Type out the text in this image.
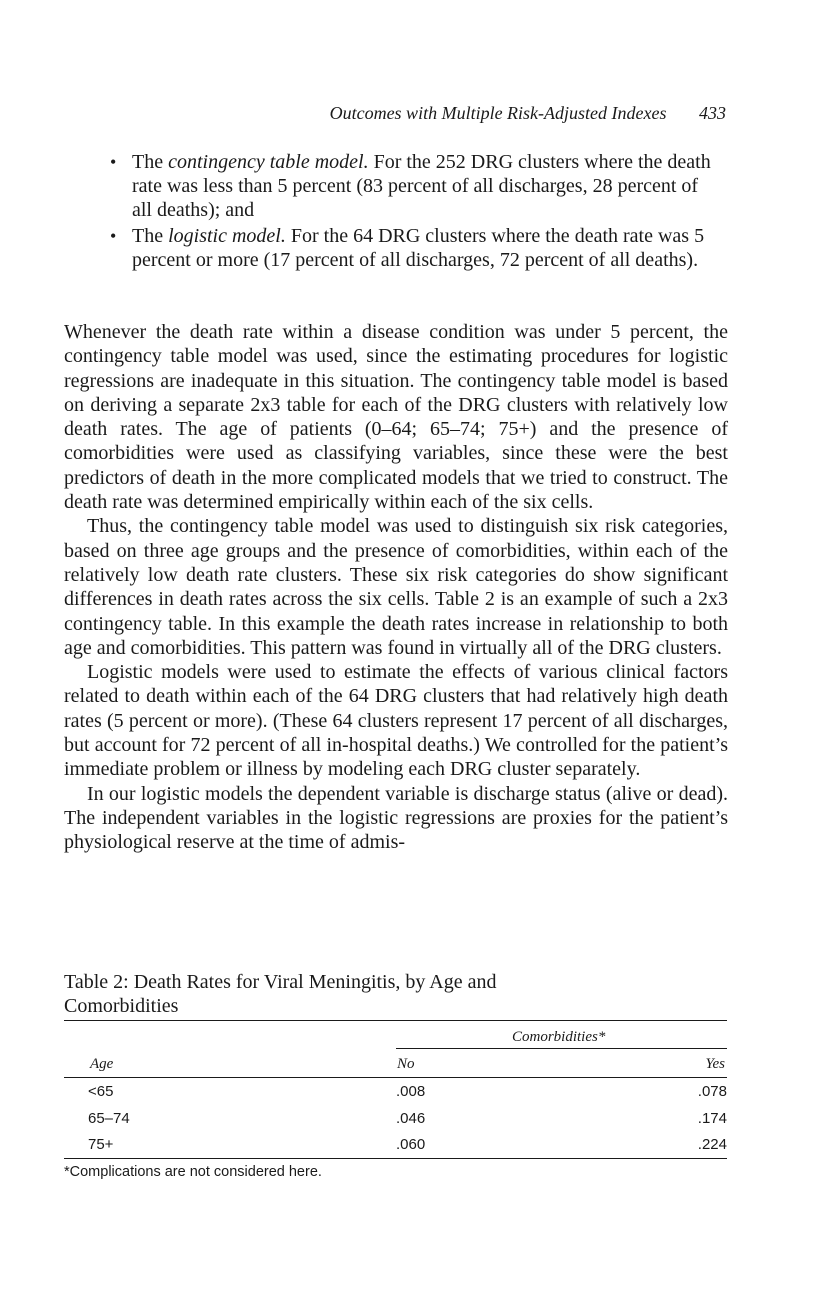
Outcomes with Multiple Risk-Adjusted Indexes 433
• The contingency table model. For the 252 DRG clusters where the death rate was less than 5 percent (83 percent of all discharges, 28 percent of all deaths); and
• The logistic model. For the 64 DRG clusters where the death rate was 5 percent or more (17 percent of all discharges, 72 percent of all deaths).

Whenever the death rate within a disease condition was under 5 percent, the contingency table model was used, since the estimating procedures for logistic regressions are inadequate in this situation. The contingency table model is based on deriving a separate 2x3 table for each of the DRG clusters with relatively low death rates. The age of patients (0–64; 65–74; 75+) and the presence of comorbidities were used as classifying variables, since these were the best predictors of death in the more complicated models that we tried to construct. The death rate was determined empirically within each of the six cells.

Thus, the contingency table model was used to distinguish six risk categories, based on three age groups and the presence of comorbidities, within each of the relatively low death rate clusters. These six risk categories do show significant differences in death rates across the six cells. Table 2 is an example of such a 2x3 contingency table. In this example the death rates increase in relationship to both age and comorbidities. This pattern was found in virtually all of the DRG clusters.

Logistic models were used to estimate the effects of various clinical factors related to death within each of the 64 DRG clusters that had relatively high death rates (5 percent or more). (These 64 clusters represent 17 percent of all discharges, but account for 72 percent of all in-hospital deaths.) We controlled for the patient’s immediate problem or illness by modeling each DRG cluster separately.

In our logistic models the dependent variable is discharge status (alive or dead). The independent variables in the logistic regressions are proxies for the patient’s physiological reserve at the time of admis-

Table 2: Death Rates for Viral Meningitis, by Age and
Comorbidities
Comorbidities*
Age	No	Yes
<65	.008	.078
65–74	.046	.174
75+	.060	.224
*Complications are not considered here.
